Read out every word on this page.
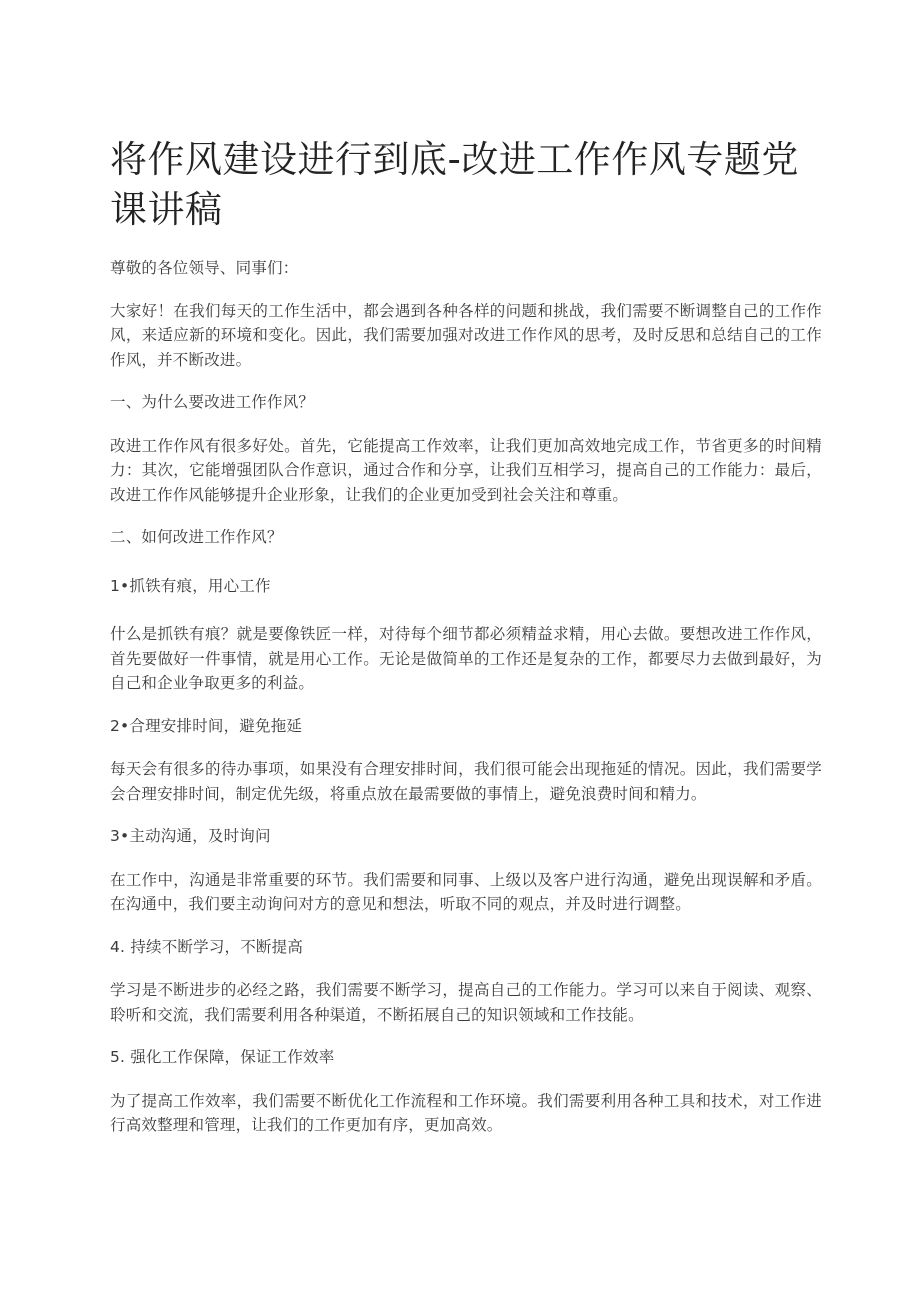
将作风建设进行到底-改进工作作风专题党课讲稿

尊敬的各位领导、同事们：

大家好！在我们每天的工作生活中，都会遇到各种各样的问题和挑战，我们需要不断调整自己的工作作风，来适应新的环境和变化。因此，我们需要加强对改进工作作风的思考，及时反思和总结自己的工作作风，并不断改进。

一、为什么要改进工作作风？

改进工作作风有很多好处。首先，它能提高工作效率，让我们更加高效地完成工作，节省更多的时间精力：其次，它能增强团队合作意识，通过合作和分享，让我们互相学习，提高自己的工作能力：最后，改进工作作风能够提升企业形象，让我们的企业更加受到社会关注和尊重。

二、如何改进工作作风？

1•抓铁有痕，用心工作

什么是抓铁有痕？就是要像铁匠一样，对待每个细节都必须精益求精，用心去做。要想改进工作作风，首先要做好一件事情，就是用心工作。无论是做简单的工作还是复杂的工作，都要尽力去做到最好，为自己和企业争取更多的利益。

2•合理安排时间，避免拖延

每天会有很多的待办事项，如果没有合理安排时间，我们很可能会出现拖延的情况。因此，我们需要学会合理安排时间，制定优先级，将重点放在最需要做的事情上，避免浪费时间和精力。

3•主动沟通，及时询问

在工作中，沟通是非常重要的环节。我们需要和同事、上级以及客户进行沟通，避免出现误解和矛盾。在沟通中，我们要主动询问对方的意见和想法，听取不同的观点，并及时进行调整。

4. 持续不断学习，不断提高

学习是不断进步的必经之路，我们需要不断学习，提高自己的工作能力。学习可以来自于阅读、观察、聆听和交流，我们需要利用各种渠道，不断拓展自己的知识领域和工作技能。

5. 强化工作保障，保证工作效率

为了提高工作效率，我们需要不断优化工作流程和工作环境。我们需要利用各种工具和技术，对工作进行高效整理和管理，让我们的工作更加有序，更加高效。
